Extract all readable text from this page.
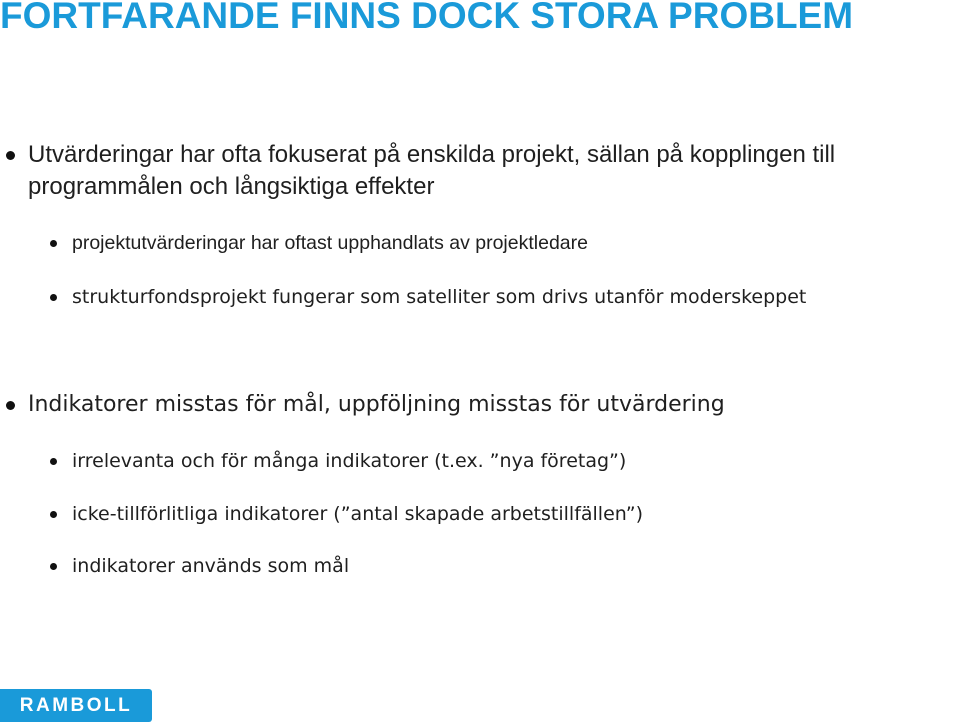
FORTFARANDE FINNS DOCK STORA PROBLEM
Utvärderingar har ofta fokuserat på enskilda projekt, sällan på kopplingen till programmålen och långsiktiga effekter
projektutvärderingar har oftast upphandlats av projektledare
strukturfondsprojekt fungerar som satelliter som drivs utanför moderskeppet
Indikatorer misstas för mål, uppföljning misstas för utvärdering
irrelevanta och för många indikatorer (t.ex. ”nya företag”)
icke-tillförlitliga indikatorer (”antal skapade arbetstillfällen”)
indikatorer används som mål
RAMBOLL
